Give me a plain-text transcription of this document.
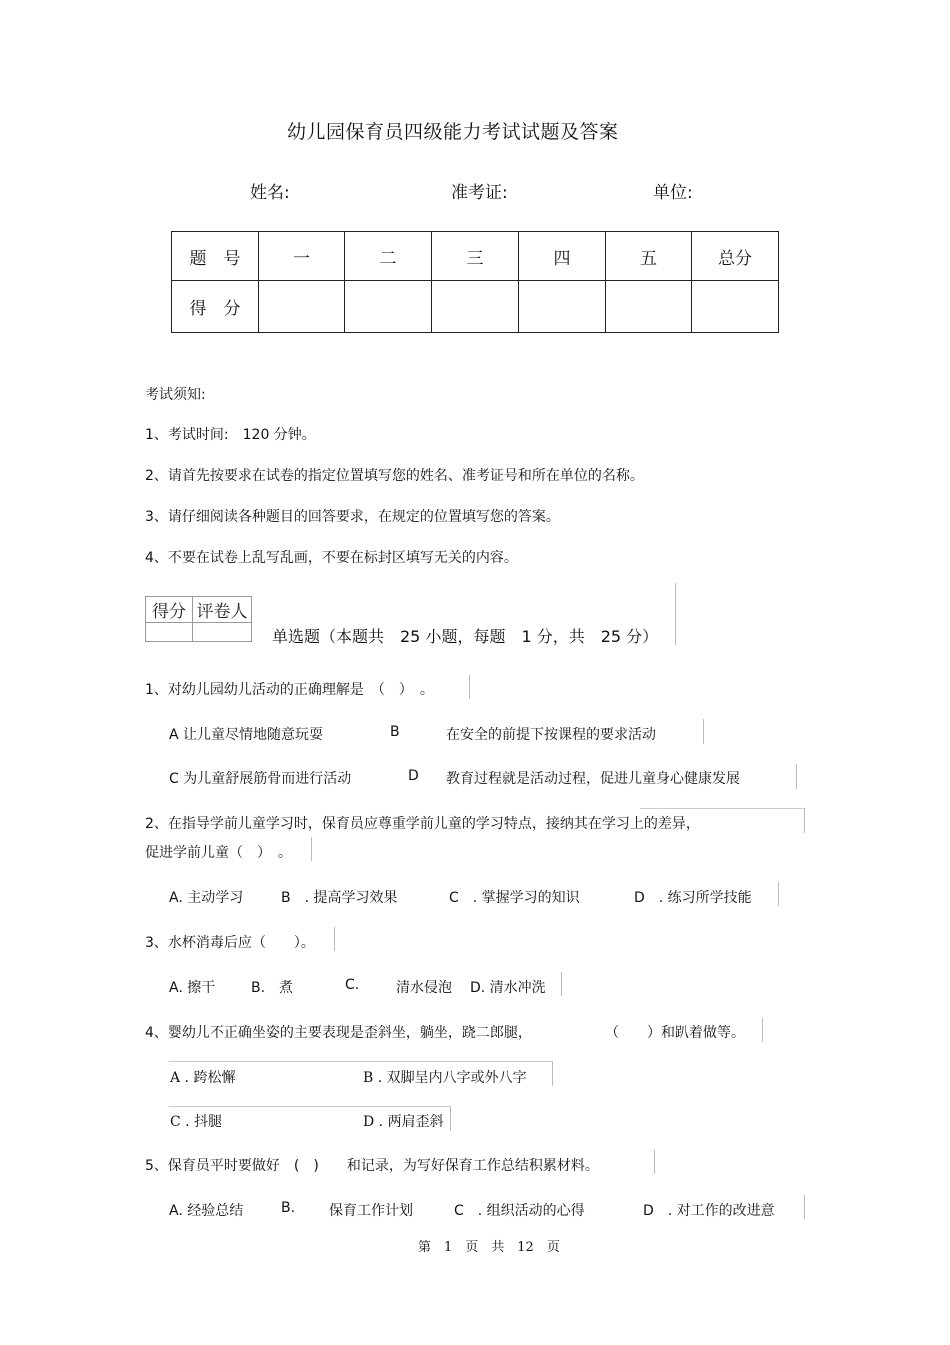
幼儿园保育员四级能力考试试题及答案
姓名:	准考证:	单位:
题　号	一	二	三	四	五	总分
得　分						
考试须知:
1、考试时间:　120 分钟。
2、请首先按要求在试卷的指定位置填写您的姓名、准考证号和所在单位的名称。
3、请仔细阅读各种题目的回答要求，在规定的位置填写您的答案。
4、不要在试卷上乱写乱画，不要在标封区填写无关的内容。
得分	评卷人

单选题（本题共　25 小题，每题　1 分，共　25 分）
1、对幼儿园幼儿活动的正确理解是　（　）　。
A 让儿童尽情地随意玩耍	B	在安全的前提下按课程的要求活动
C 为儿童舒展筋骨而进行活动	D 教育过程就是活动过程，促进儿童身心健康发展
2、在指导学前儿童学习时，保育员应尊重学前儿童的学习特点，接纳其在学习上的差异，
促进学前儿童（　）　。
A. 主动学习	B　. 提高学习效果	C　. 掌握学习的知识	D　. 练习所学技能
3、水杯消毒后应（　　）。
A. 擦干	B.　煮	C.	清水侵泡 D. 清水冲洗
4、婴幼儿不正确坐姿的主要表现是歪斜坐，躺坐，跷二郎腿，	（　　）和趴着做等。
A . 跨松懈	B . 双脚呈内八字或外八字
C . 抖腿	D . 两肩歪斜
5、保育员平时要做好　(　)　　和记录，为写好保育工作总结积累材料。
A. 经验总结	B. 保育工作计划	C　. 组织活动的心得	D　. 对工作的改进意
第　1　页　共　12　页
